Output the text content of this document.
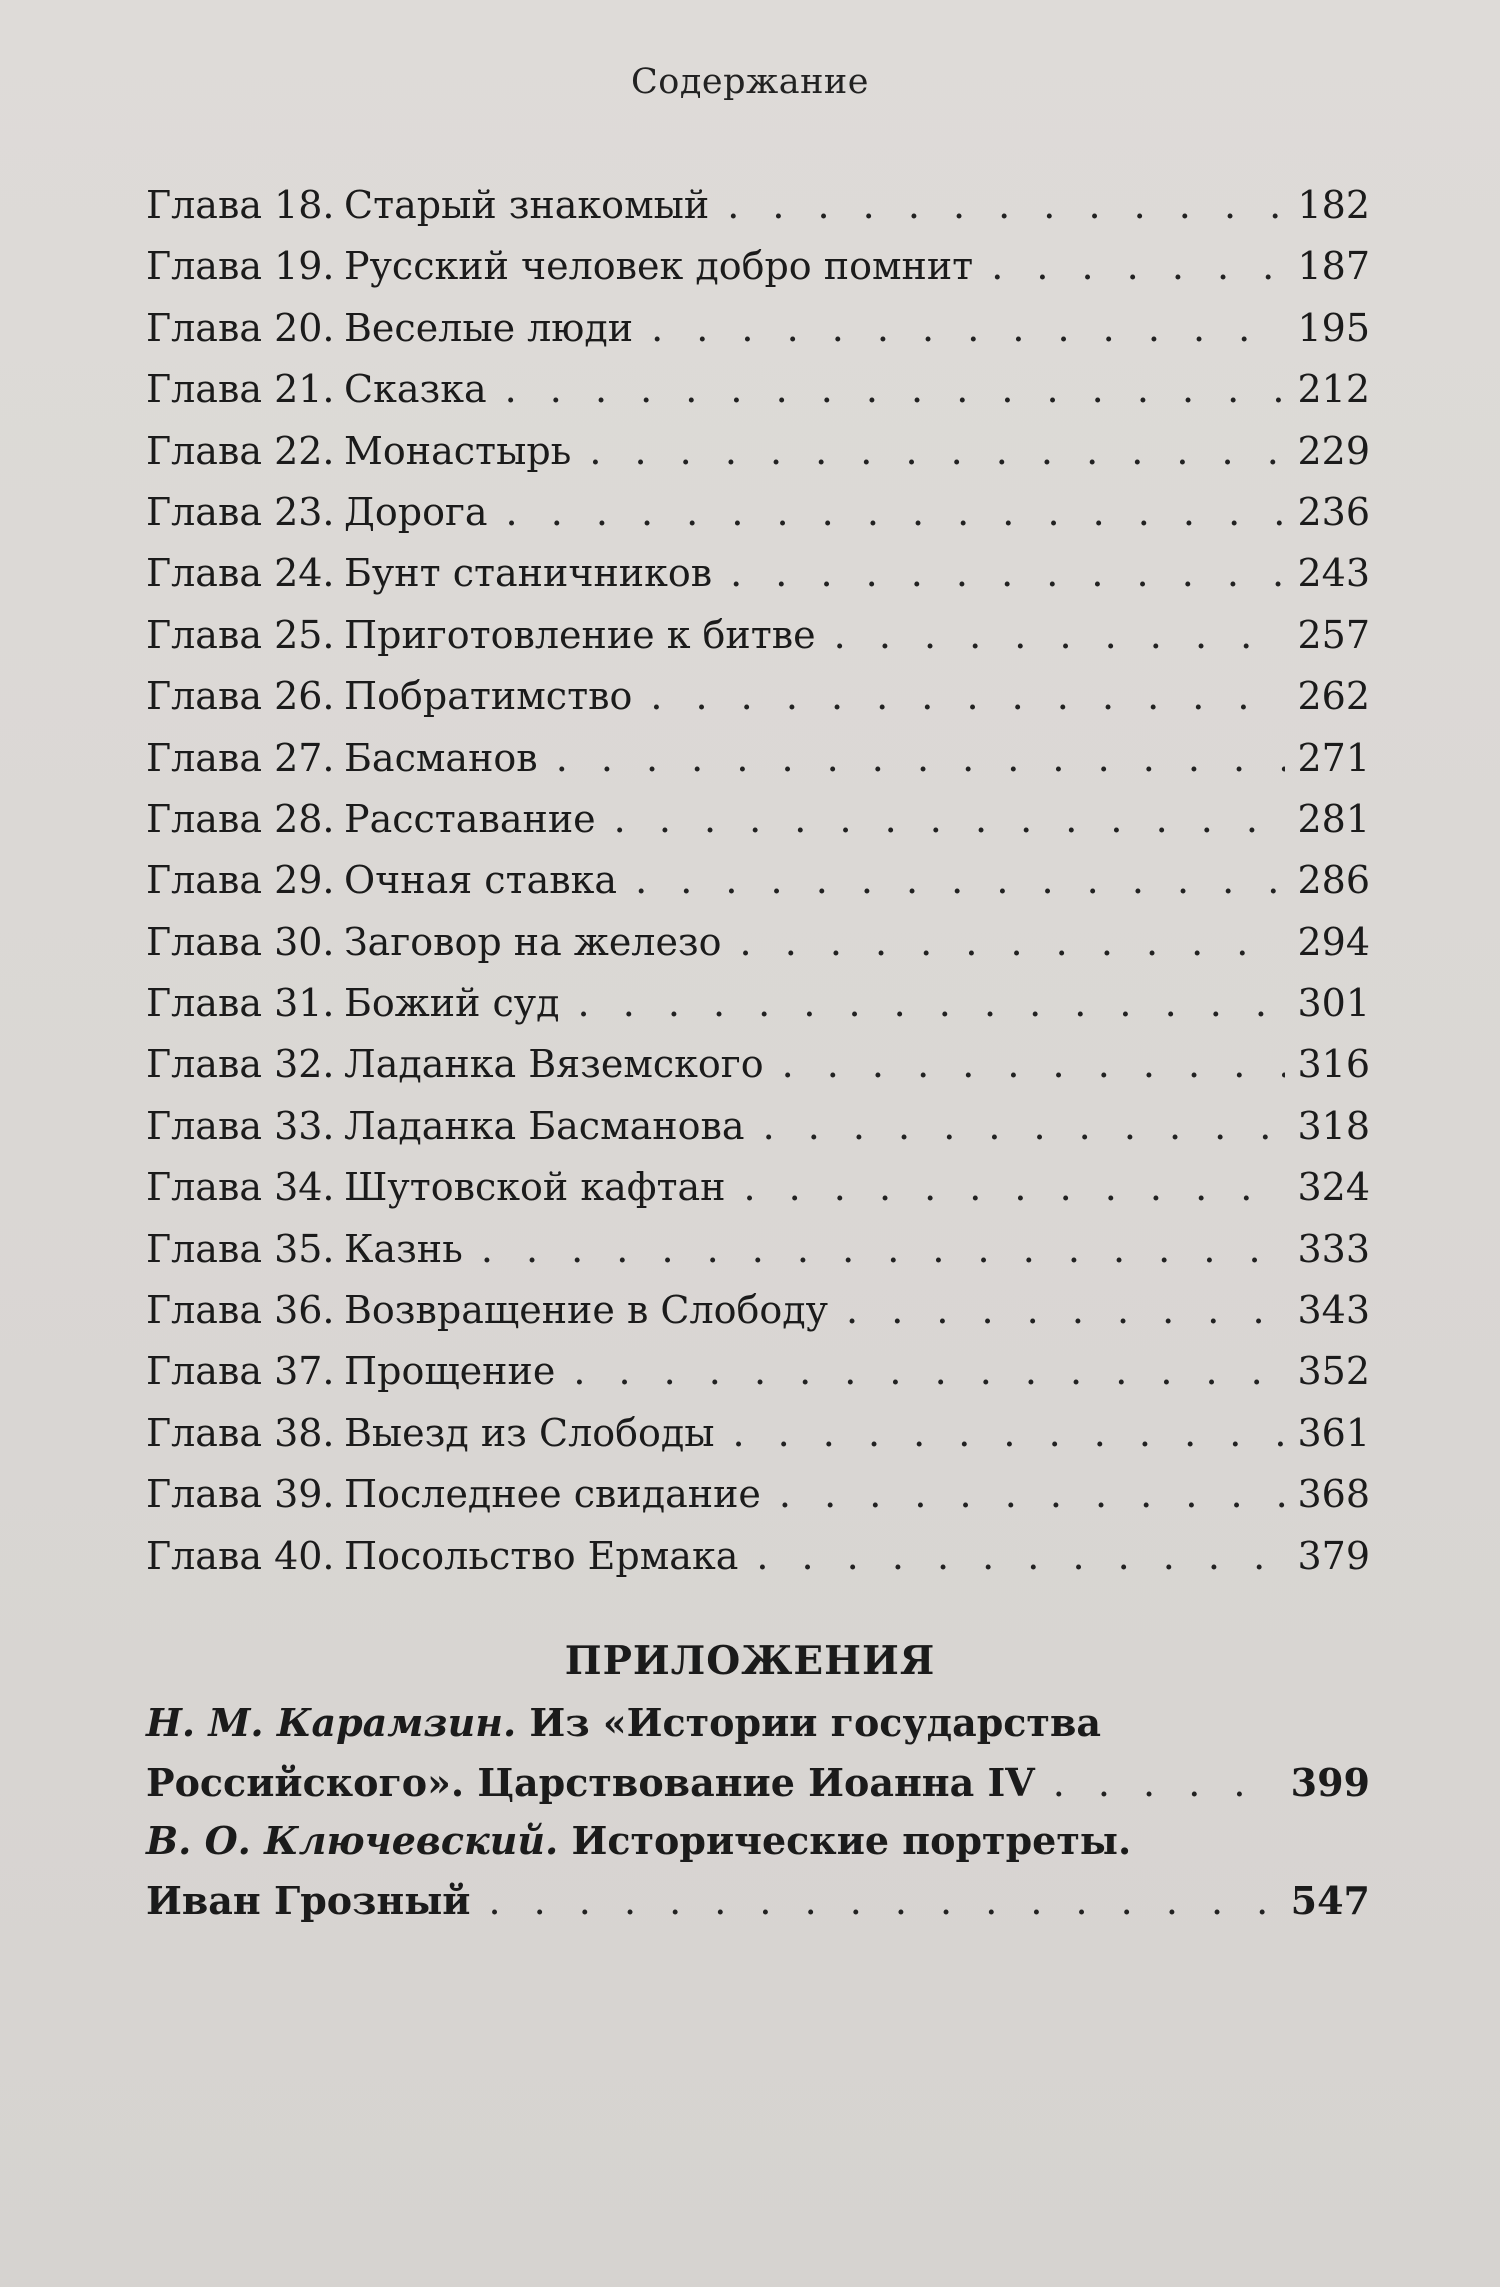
Содержание
Глава 18. Старый знакомый . . .	182
Глава 19. Русский человек добро помнит . . .	187
Глава 20. Веселые люди . . .	195
Глава 21. Сказка . . .	212
Глава 22. Монастырь . . .	229
Глава 23. Дорога . . .	236
Глава 24. Бунт станичников . . .	243
Глава 25. Приготовление к битве . . .	257
Глава 26. Побратимство . . .	262
Глава 27. Басманов . . .	271
Глава 28. Расставание . . .	281
Глава 29. Очная ставка . . .	286
Глава 30. Заговор на железо . . .	294
Глава 31. Божий суд . . .	301
Глава 32. Ладанка Вяземского . . .	316
Глава 33. Ладанка Басманова . . .	318
Глава 34. Шутовской кафтан . . .	324
Глава 35. Казнь . . .	333
Глава 36. Возвращение в Слободу . . .	343
Глава 37. Прощение . . .	352
Глава 38. Выезд из Слободы . . .	361
Глава 39. Последнее свидание . . .	368
Глава 40. Посольство Ермака . . .	379
ПРИЛОЖЕНИЯ
Н. М. Карамзин. Из «Истории государства
Российского». Царствование Иоанна IV . . .	399
В. О. Ключевский. Исторические портреты.
Иван Грозный . . .	547
